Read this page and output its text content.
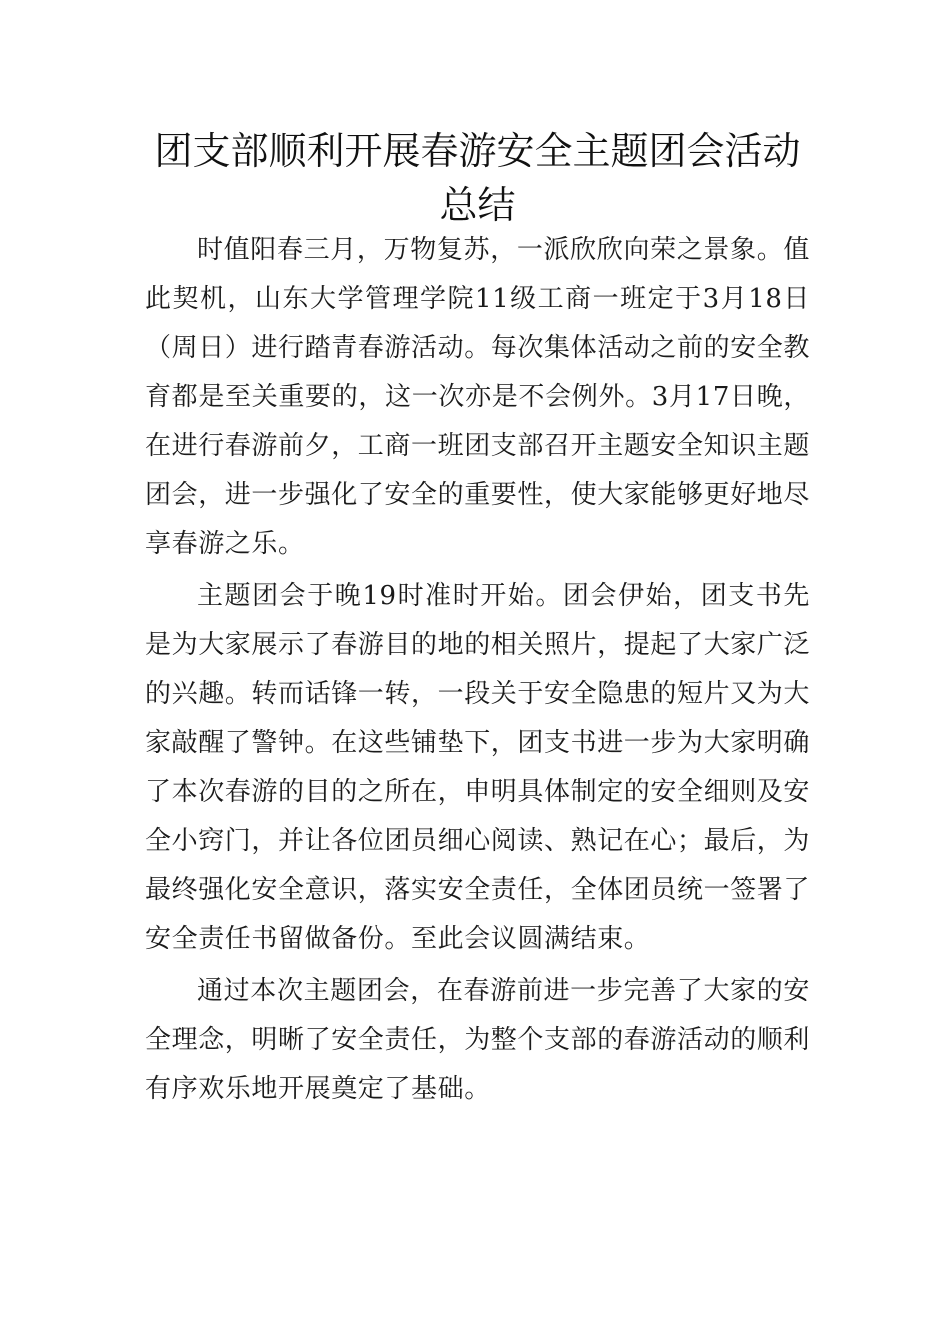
团支部顺利开展春游安全主题团会活动总结

时值阳春三月，万物复苏，一派欣欣向荣之景象。值此契机，山东大学管理学院11级工商一班定于3月18日（周日）进行踏青春游活动。每次集体活动之前的安全教育都是至关重要的，这一次亦是不会例外。3月17日晚，在进行春游前夕，工商一班团支部召开主题安全知识主题团会，进一步强化了安全的重要性，使大家能够更好地尽享春游之乐。

主题团会于晚19时准时开始。团会伊始，团支书先是为大家展示了春游目的地的相关照片，提起了大家广泛的兴趣。转而话锋一转，一段关于安全隐患的短片又为大家敲醒了警钟。在这些铺垫下，团支书进一步为大家明确了本次春游的目的之所在，申明具体制定的安全细则及安全小窍门，并让各位团员细心阅读、熟记在心；最后，为最终强化安全意识，落实安全责任，全体团员统一签署了安全责任书留做备份。至此会议圆满结束。

通过本次主题团会，在春游前进一步完善了大家的安全理念，明晰了安全责任，为整个支部的春游活动的顺利有序欢乐地开展奠定了基础。
